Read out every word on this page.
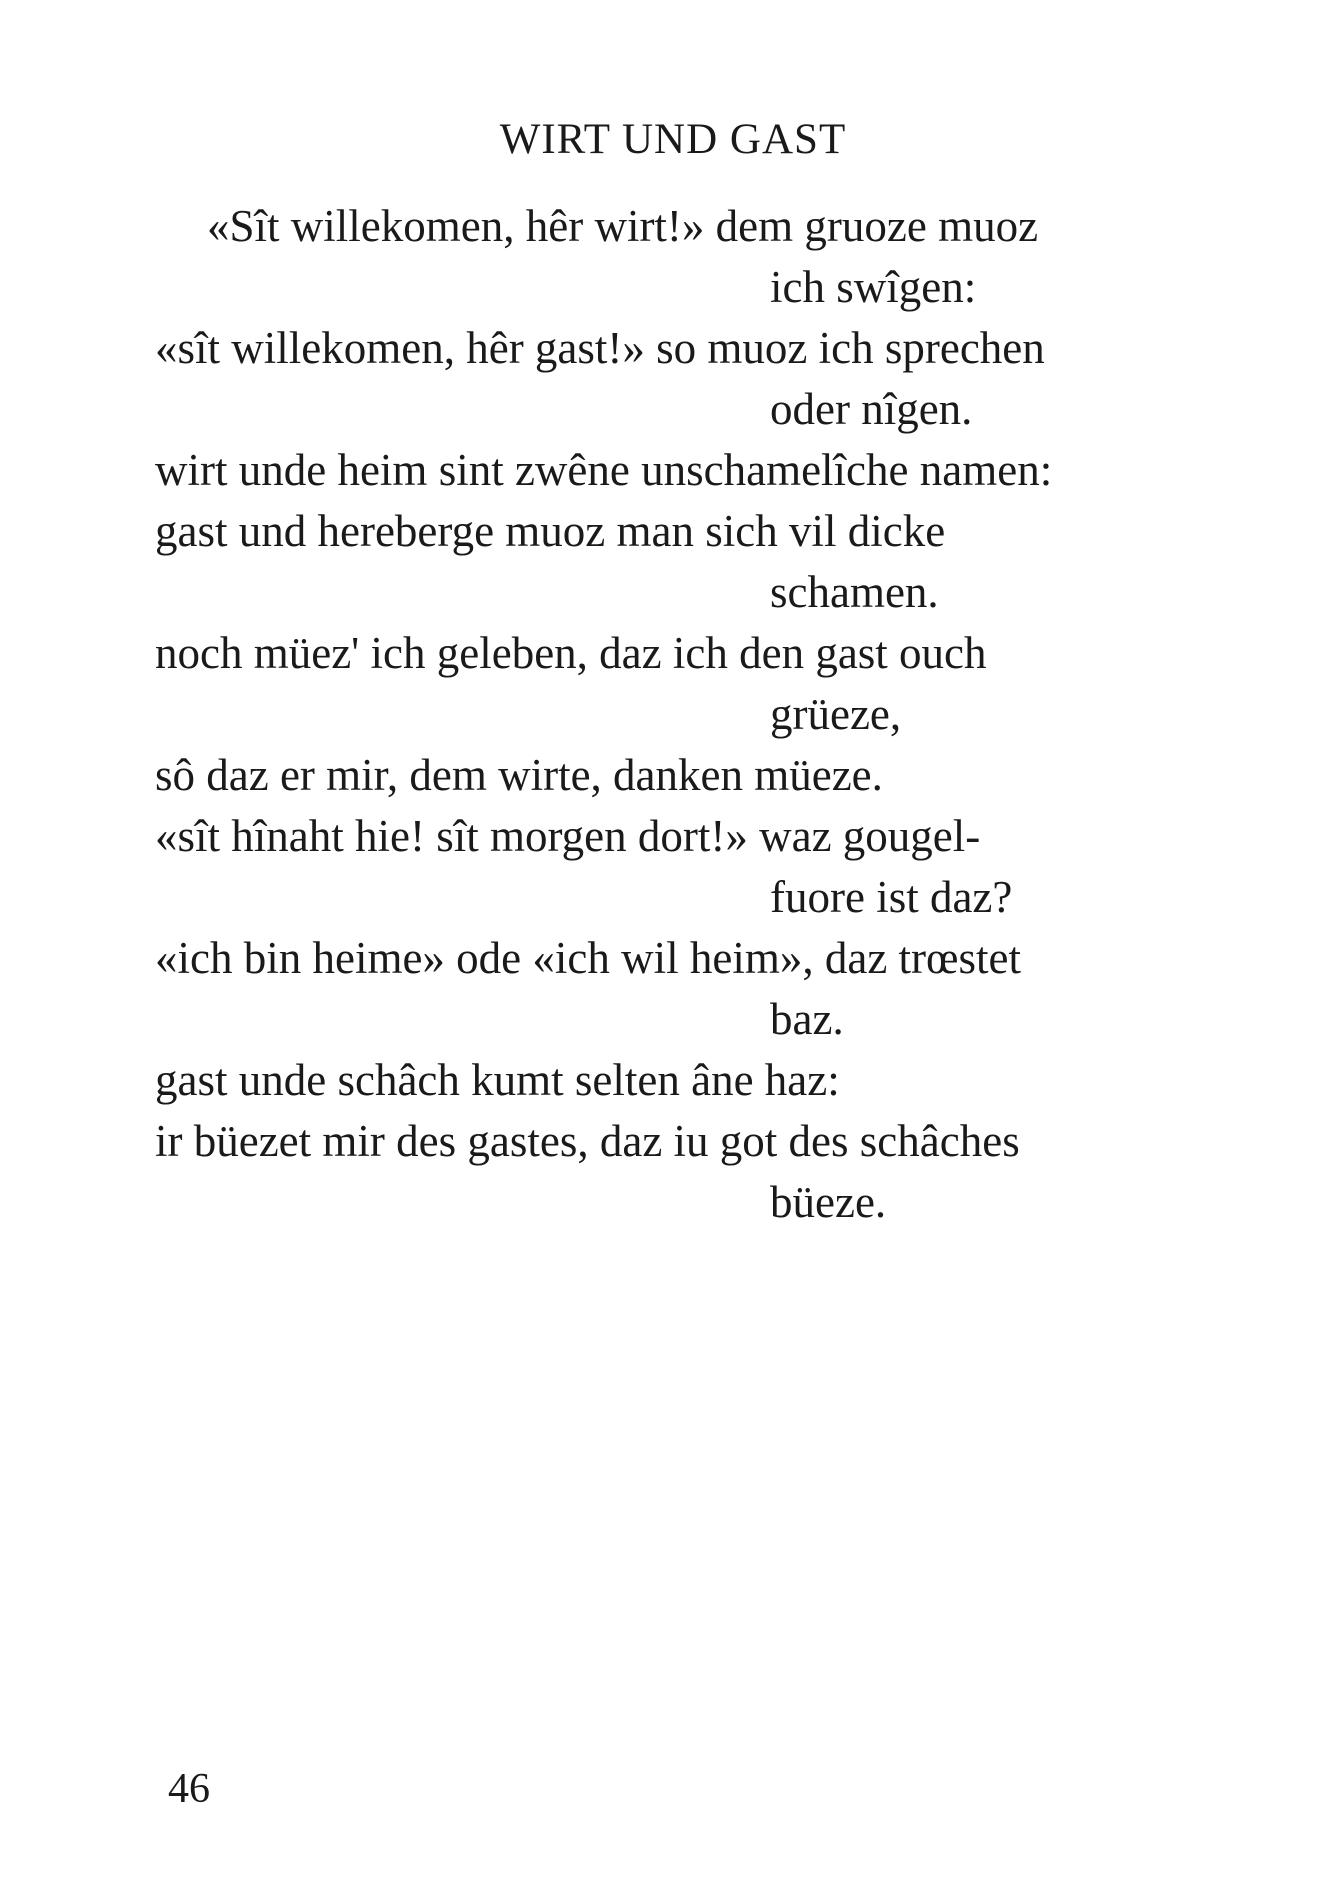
WIRT UND GAST
«Sît willekomen, hêr wirt!» dem gruoze muoz
ich swîgen:
«sît willekomen, hêr gast!» so muoz ich sprechen
oder nîgen.
wirt unde heim sint zwêne unschamelîche namen:
gast und hereberge muoz man sich vil dicke
schamen.
noch müez' ich geleben, daz ich den gast ouch
grüeze,
sô daz er mir, dem wirte, danken müeze.
«sît hînaht hie! sît morgen dort!» waz gougel-
fuore ist daz?
«ich bin heime» ode «ich wil heim», daz trœstet
baz.
gast unde schâch kumt selten âne haz:
ir büezet mir des gastes, daz iu got des schâches
büeze.
46
